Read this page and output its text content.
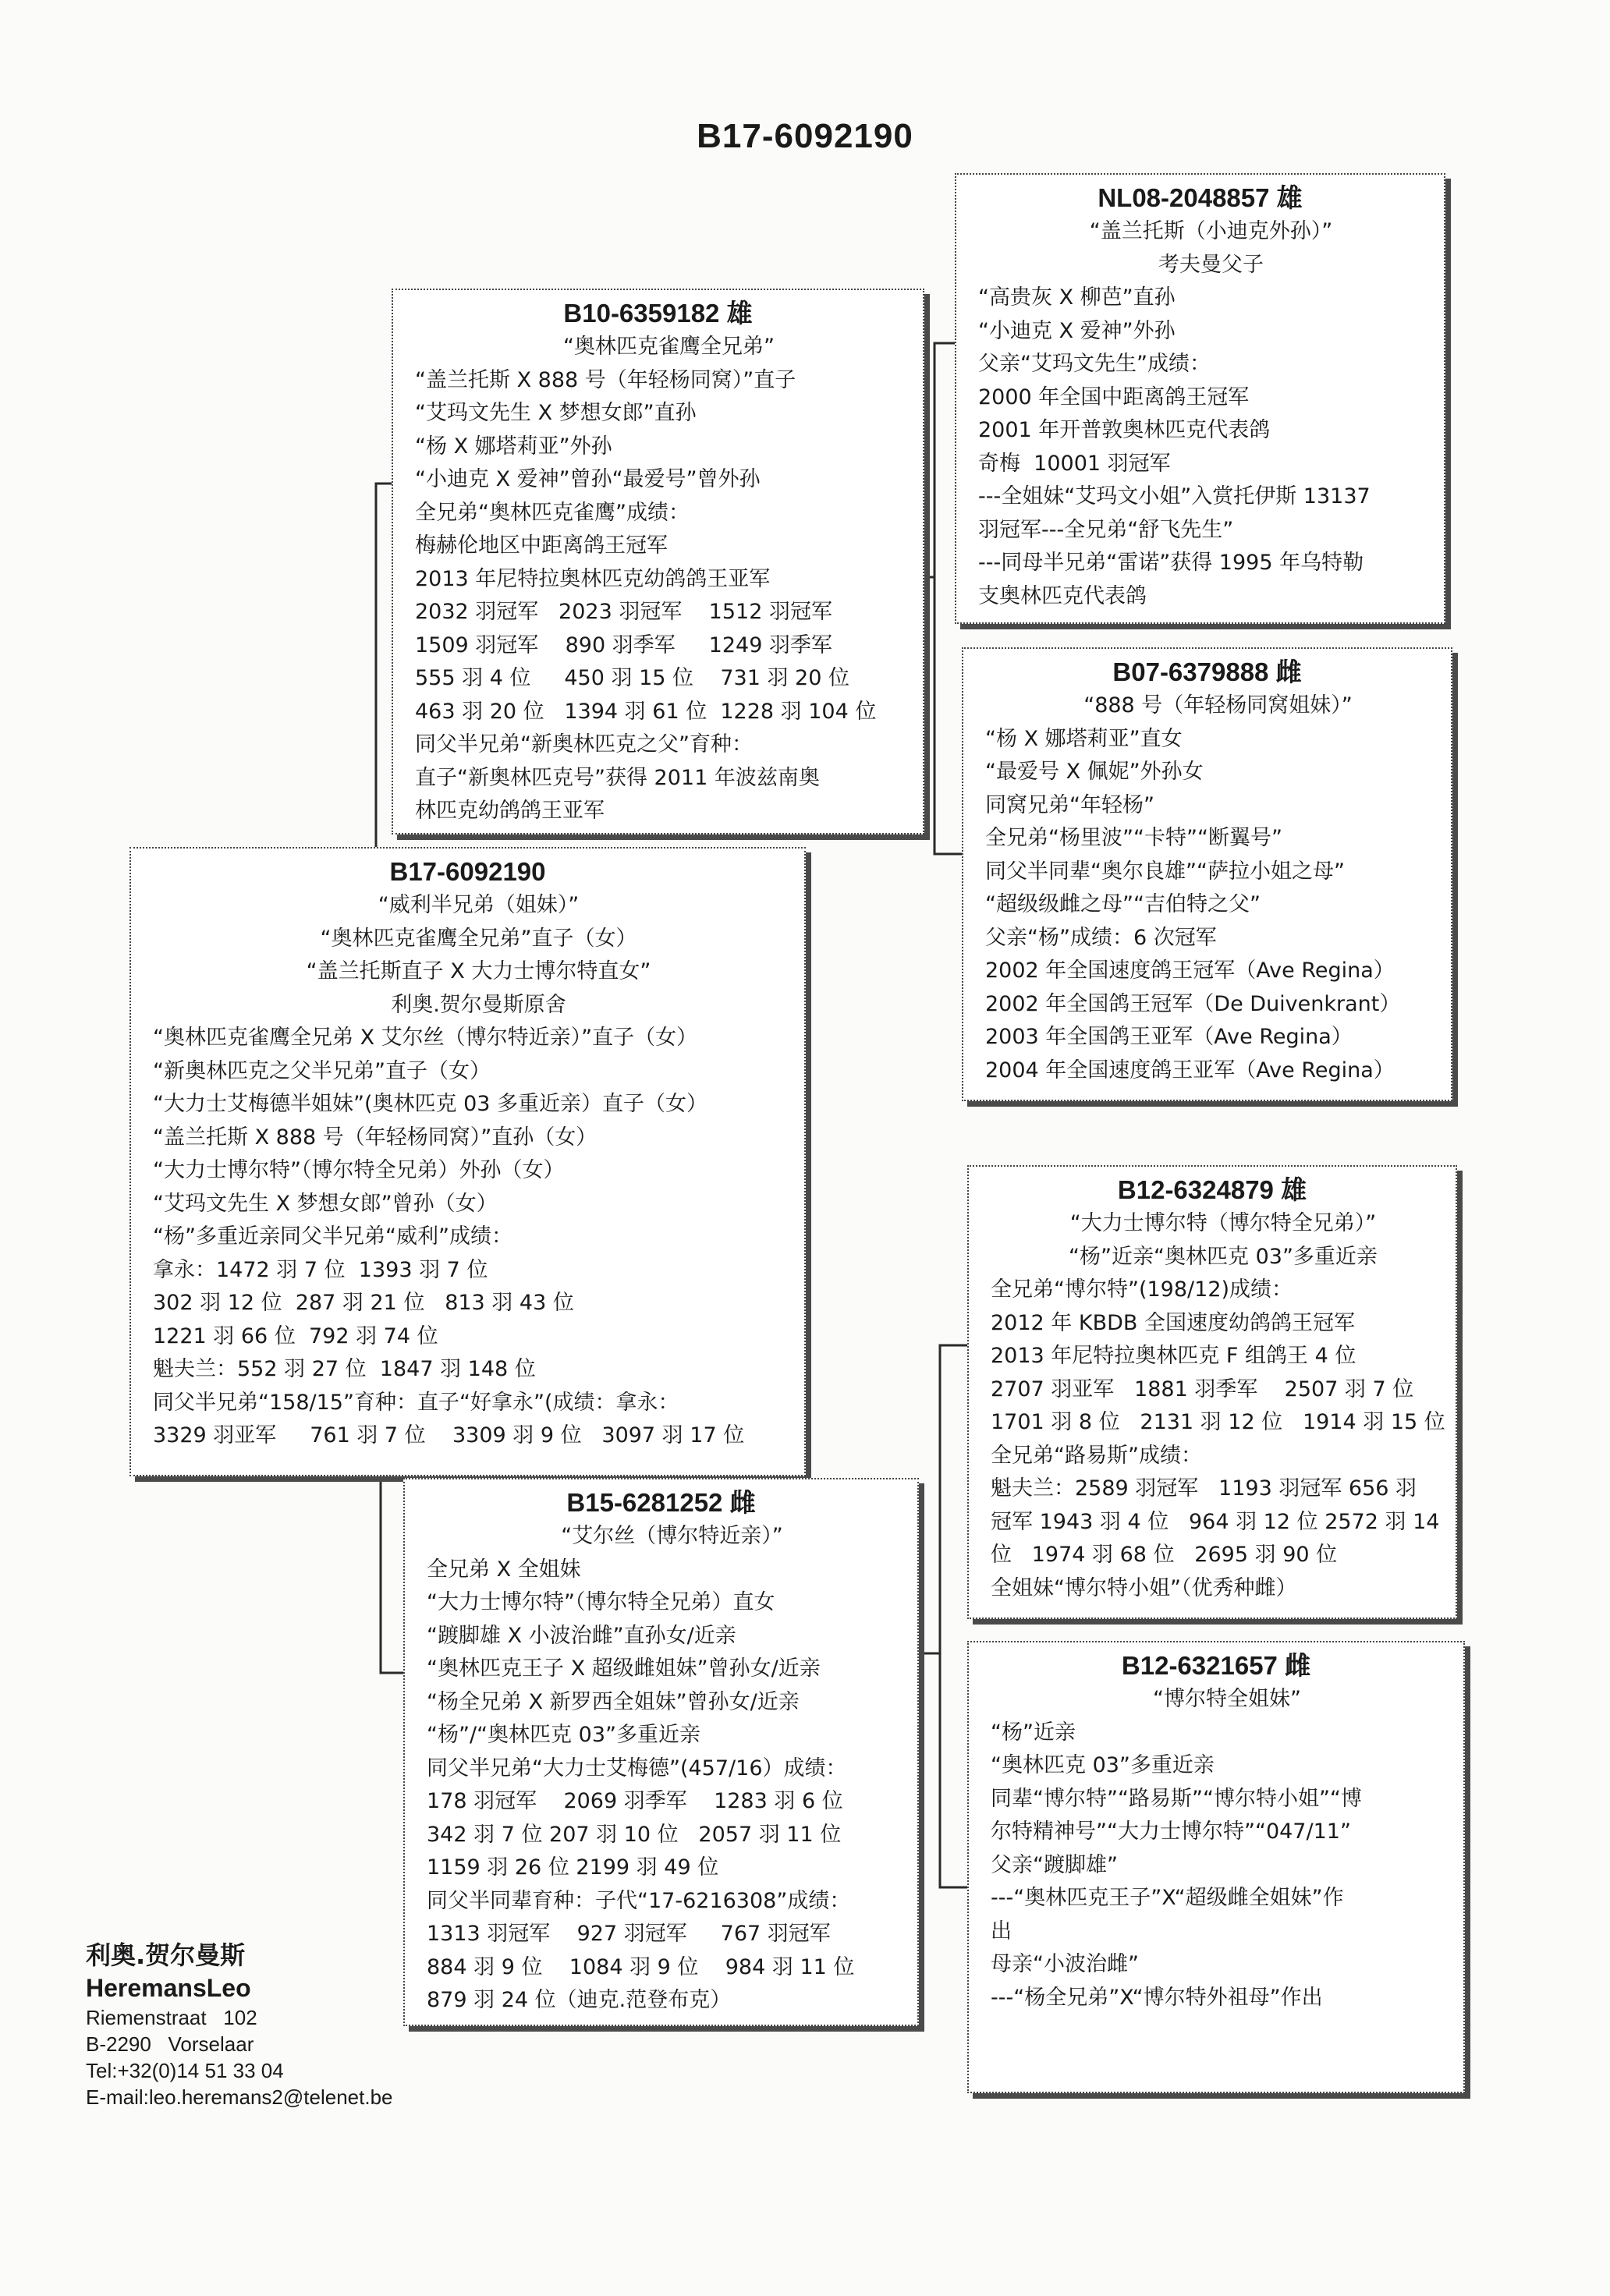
B17-6092190
B10-6359182 雄

“奥林匹克雀鹰全兄弟”

“盖兰托斯 X 888 号（年轻杨同窝）”直子

“艾玛文先生 X 梦想女郎”直孙

“杨 X 娜塔莉亚”外孙

“小迪克 X 爱神”曾孙“最爱号”曾外孙

全兄弟“奥林匹克雀鹰”成绩：

梅赫伦地区中距离鸽王冠军

2013 年尼特拉奥林匹克幼鸽鸽王亚军

2032 羽冠军   2023 羽冠军    1512 羽冠军

1509 羽冠军    890 羽季军     1249 羽季军

555 羽 4 位     450 羽 15 位    731 羽 20 位

463 羽 20 位   1394 羽 61 位  1228 羽 104 位

同父半兄弟“新奥林匹克之父”育种：

直子“新奥林匹克号”获得 2011 年波兹南奥

林匹克幼鸽鸽王亚军

B17-6092190

“威利半兄弟（姐妹）”

“奥林匹克雀鹰全兄弟”直子（女）

“盖兰托斯直子 X 大力士博尔特直女”

利奥.贺尔曼斯原舍

“奥林匹克雀鹰全兄弟 X 艾尔丝（博尔特近亲）”直子（女）

“新奥林匹克之父半兄弟”直子（女）

“大力士艾梅德半姐妹”(奥林匹克 03 多重近亲）直子（女）

“盖兰托斯 X 888 号（年轻杨同窝）”直孙（女）

“大力士博尔特”（博尔特全兄弟）外孙（女）

“艾玛文先生 X 梦想女郎”曾孙（女）

“杨”多重近亲同父半兄弟“威利”成绩：

拿永：1472 羽 7 位  1393 羽 7 位

302 羽 12 位  287 羽 21 位   813 羽 43 位

1221 羽 66 位  792 羽 74 位

魁夫兰：552 羽 27 位  1847 羽 148 位

同父半兄弟“158/15”育种：直子“好拿永”(成绩：拿永：

3329 羽亚军     761 羽 7 位    3309 羽 9 位   3097 羽 17 位

B15-6281252 雌

“艾尔丝（博尔特近亲）”

全兄弟 X 全姐妹

“大力士博尔特”（博尔特全兄弟）直女

“踱脚雄 X 小波治雌”直孙女/近亲

“奥林匹克王子 X 超级雌姐妹”曾孙女/近亲

“杨全兄弟 X 新罗西全姐妹”曾孙女/近亲

“杨”/“奥林匹克 03”多重近亲

同父半兄弟“大力士艾梅德”(457/16）成绩：

178 羽冠军    2069 羽季军    1283 羽 6 位

342 羽 7 位 207 羽 10 位   2057 羽 11 位

1159 羽 26 位 2199 羽 49 位

同父半同辈育种：子代“17-6216308”成绩：

1313 羽冠军    927 羽冠军     767 羽冠军

884 羽 9 位    1084 羽 9 位    984 羽 11 位

879 羽 24 位（迪克.范登布克）

NL08-2048857 雄

“盖兰托斯（小迪克外孙）”

考夫曼父子

“高贵灰 X 柳芭”直孙

“小迪克 X 爱神”外孙

父亲“艾玛文先生”成绩：

2000 年全国中距离鸽王冠军

2001 年开普敦奥林匹克代表鸽

奇梅  10001 羽冠军

---全姐妹“艾玛文小姐”入赏托伊斯 13137

羽冠军---全兄弟“舒飞先生”

---同母半兄弟“雷诺”获得 1995 年乌特勒

支奥林匹克代表鸽

B07-6379888 雌

“888 号（年轻杨同窝姐妹）”

“杨 X 娜塔莉亚”直女

“最爱号 X 佩妮”外孙女

同窝兄弟“年轻杨”

全兄弟“杨里波”“卡特”“断翼号”

同父半同辈“奥尔良雄”“萨拉小姐之母”

“超级级雌之母”“吉伯特之父”

父亲“杨”成绩：6 次冠军

2002 年全国速度鸽王冠军（Ave Regina）

2002 年全国鸽王冠军（De Duivenkrant）

2003 年全国鸽王亚军（Ave Regina）

2004 年全国速度鸽王亚军（Ave Regina）

B12-6324879 雄

“大力士博尔特（博尔特全兄弟）”

“杨”近亲“奥林匹克 03”多重近亲

全兄弟“博尔特”(198/12)成绩：

2012 年 KBDB 全国速度幼鸽鸽王冠军

2013 年尼特拉奥林匹克 F 组鸽王 4 位

2707 羽亚军   1881 羽季军    2507 羽 7 位

1701 羽 8 位   2131 羽 12 位   1914 羽 15 位

全兄弟“路易斯”成绩：

魁夫兰：2589 羽冠军   1193 羽冠军 656 羽

冠军 1943 羽 4 位   964 羽 12 位 2572 羽 14

位   1974 羽 68 位   2695 羽 90 位

全姐妹“博尔特小姐”（优秀种雌）

B12-6321657 雌

“博尔特全姐妹”

“杨”近亲

“奥林匹克 03”多重近亲

同辈“博尔特”“路易斯”“博尔特小姐”“博

尔特精神号”“大力士博尔特”“047/11”

父亲“踱脚雄”

---“奥林匹克王子”X“超级雌全姐妹”作

出

母亲“小波治雌”

---“杨全兄弟”X“博尔特外祖母”作出

利奥.贺尔曼斯

HeremansLeo

Riemenstraat   102

B-2290   Vorselaar

Tel:+32(0)14 51 33 04

E-mail:leo.heremans2@telenet.be
